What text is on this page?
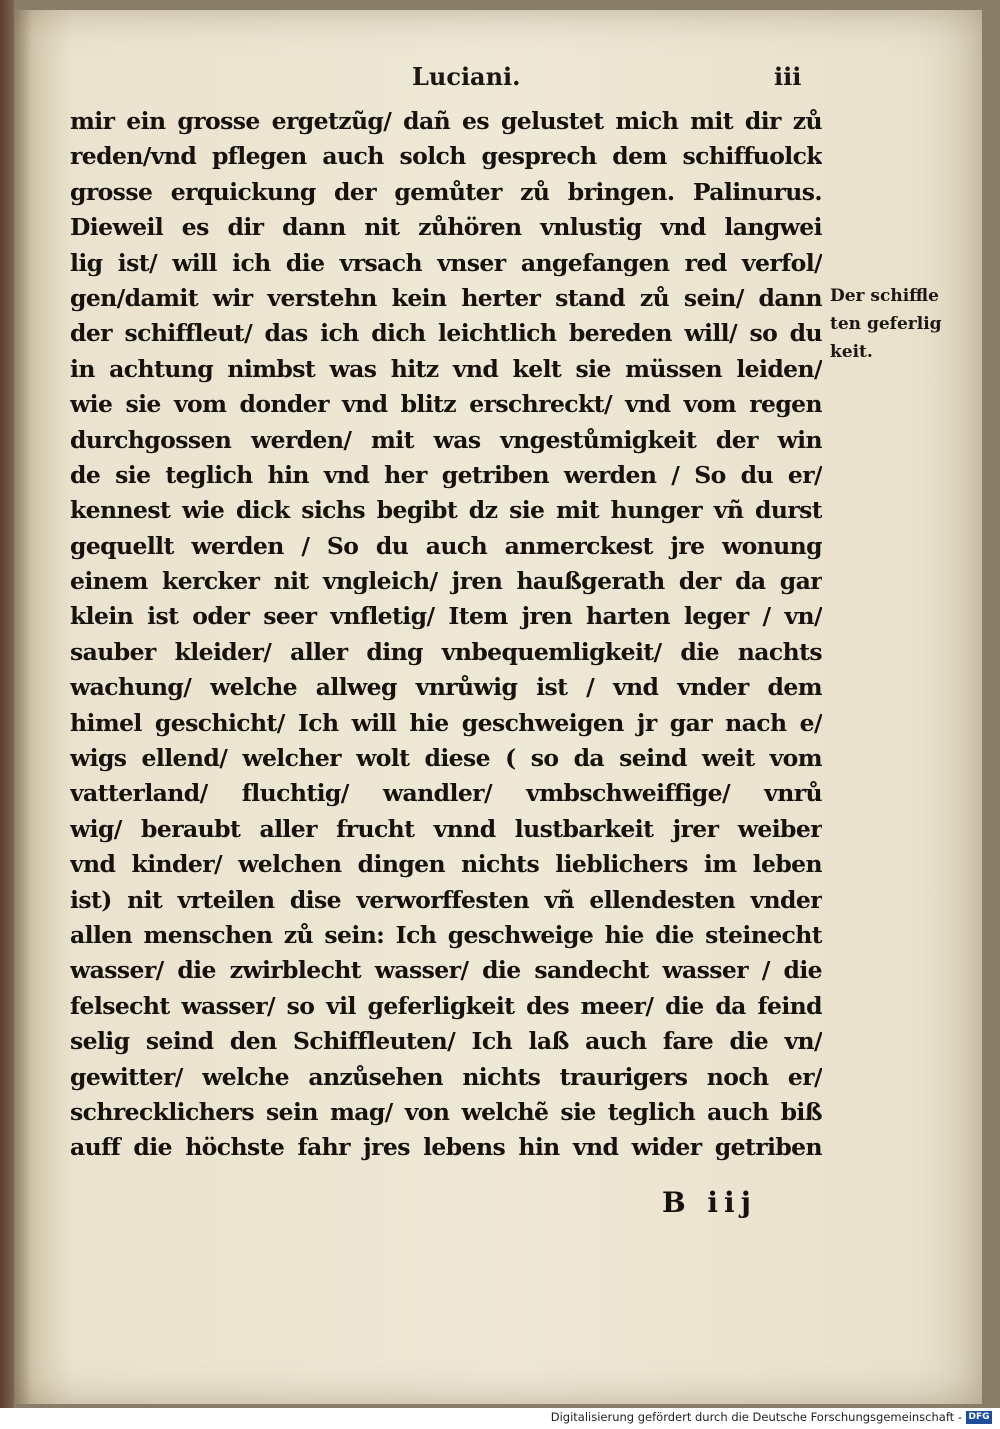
Luciani.	iii
mir ein grosse ergetzũg/ dañ es gelustet mich mit dir zů
reden/vnd pflegen auch solch gesprech dem schiffuolck
grosse erquickung der gemůter zů bringen. Palinurus.
Dieweil es dir dann nit zůhören vnlustig vnd langwei
lig ist/ will ich die vrsach vnser angefangen red verfol/
gen/damit wir verstehn kein herter stand zů sein/ dann
der schiffleut/ das ich dich leichtlich bereden will/ so du
in achtung nimbst was hitz vnd kelt sie müssen leiden/
wie sie vom donder vnd blitz erschreckt/ vnd vom regen
durchgossen werden/ mit was vngestůmigkeit der win
de sie teglich hin vnd her getriben werden / So du er/
kennest wie dick sichs begibt dz sie mit hunger vñ durst
gequellt werden / So du auch anmerckest jre wonung
einem kercker nit vngleich/ jren haußgerath der da gar
klein ist oder seer vnfletig/ Item jren harten leger / vn/
sauber kleider/ aller ding vnbequemligkeit/ die nachts
wachung/ welche allweg vnrůwig ist / vnd vnder dem
himel geschicht/ Ich will hie geschweigen jr gar nach e/
wigs ellend/ welcher wolt diese ( so da seind weit vom
vatterland/ fluchtig/ wandler/ vmbschweiffige/ vnrů
wig/ beraubt aller frucht vnnd lustbarkeit jrer weiber
vnd kinder/ welchen dingen nichts lieblichers im leben
ist) nit vrteilen dise verworffesten vñ ellendesten vnder
allen menschen zů sein: Ich geschweige hie die steinecht
wasser/ die zwirblecht wasser/ die sandecht wasser / die
felsecht wasser/ so vil geferligkeit des meer/ die da feind
selig seind den Schiffleuten/ Ich laß auch fare die vn/
gewitter/ welche anzůsehen nichts traurigers noch er/
schrecklichers sein mag/ von welchẽ sie teglich auch biß
auff die höchste fahr jres lebens hin vnd wider getriben
Der schiffle
ten geferlig
keit.
B iij
Digitalisierung gefördert durch die Deutsche Forschungsgemeinschaft - DFG
